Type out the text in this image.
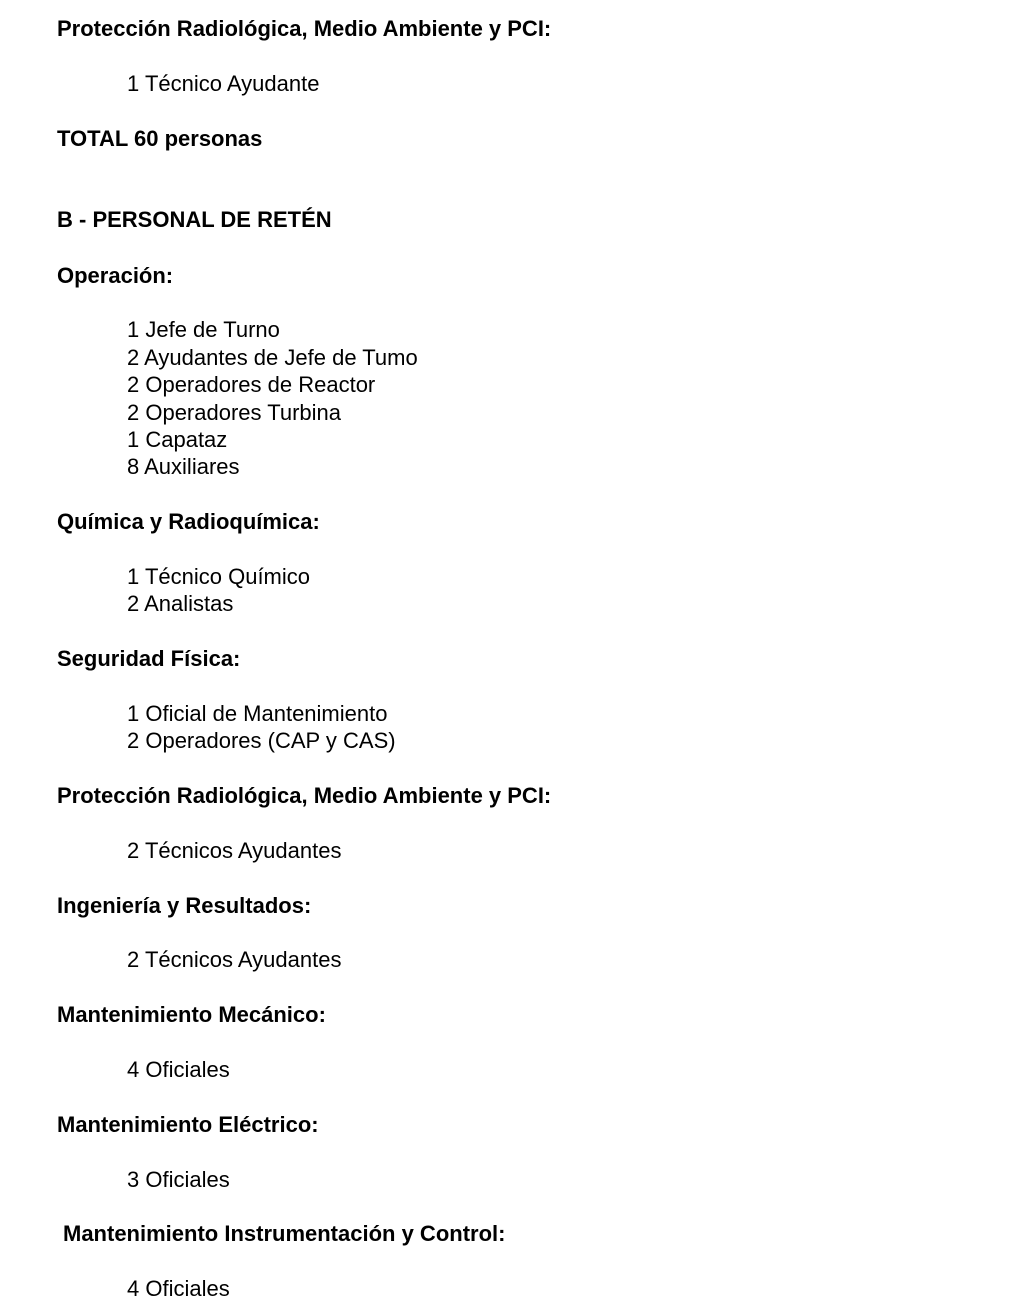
Protección Radiológica, Medio Ambiente y PCI:
1 Técnico Ayudante
TOTAL 60 personas
B - PERSONAL DE RETÉN
Operación:
1 Jefe de Turno
2 Ayudantes de Jefe de Tumo
2 Operadores de Reactor
2 Operadores Turbina
1 Capataz
8 Auxiliares
Química y Radioquímica:
1 Técnico Químico
2 Analistas
Seguridad Física:
1 Oficial de Mantenimiento
2 Operadores (CAP y CAS)
Protección Radiológica, Medio Ambiente y PCI:
2 Técnicos Ayudantes
Ingeniería y Resultados:
2 Técnicos Ayudantes
Mantenimiento Mecánico:
4 Oficiales
Mantenimiento Eléctrico:
3 Oficiales
Mantenimiento Instrumentación y Control:
4 Oficiales
